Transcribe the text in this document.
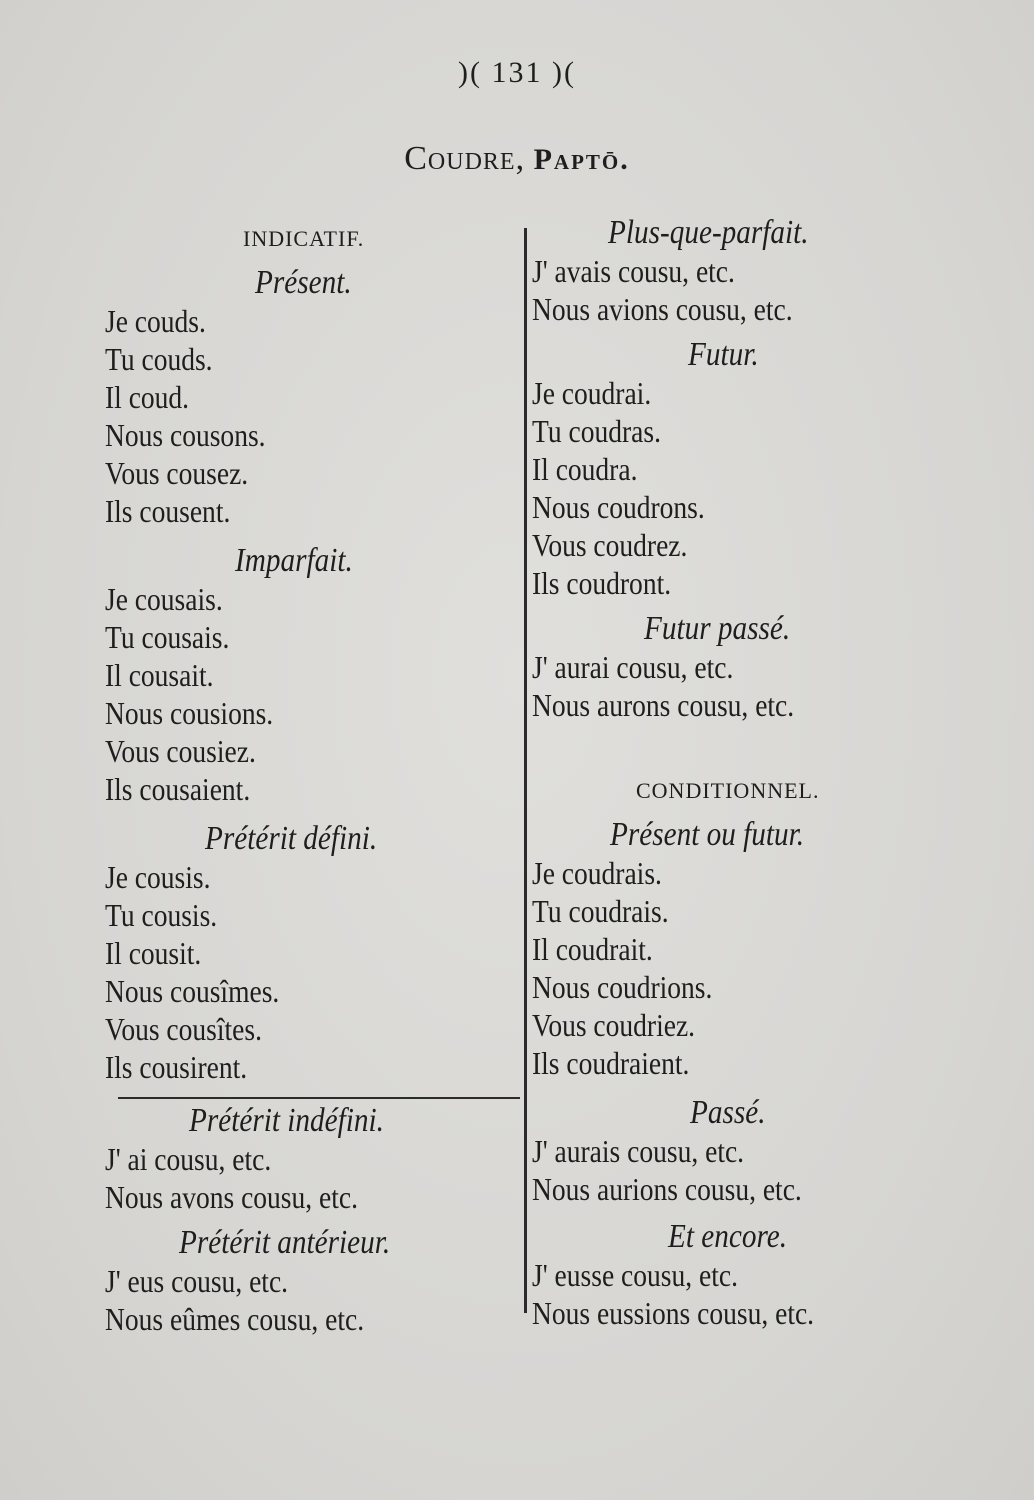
)( 131 )(
Coudre, Paptō.
INDICATIF.
Présent.
Je couds.
Tu couds.
Il coud.
Nous cousons.
Vous cousez.
Ils cousent.
Imparfait.
Je cousais.
Tu cousais.
Il cousait.
Nous cousions.
Vous cousiez.
Ils cousaient.
Prétérit défini.
Je cousis.
Tu cousis.
Il cousit.
Nous cousîmes.
Vous cousîtes.
Ils cousirent.
Prétérit indéfini.
J' ai cousu, etc.
Nous avons cousu, etc.
Prétérit antérieur.
J' eus cousu, etc.
Nous eûmes cousu, etc.
Plus-que-parfait.
J' avais cousu, etc.
Nous avions cousu, etc.
Futur.
Je coudrai.
Tu coudras.
Il coudra.
Nous coudrons.
Vous coudrez.
Ils coudront.
Futur passé.
J' aurai cousu, etc.
Nous aurons cousu, etc.
CONDITIONNEL.
Présent ou futur.
Je coudrais.
Tu coudrais.
Il coudrait.
Nous coudrions.
Vous coudriez.
Ils coudraient.
Passé.
J' aurais cousu, etc.
Nous aurions cousu, etc.
Et encore.
J' eusse cousu, etc.
Nous eussions cousu, etc.
